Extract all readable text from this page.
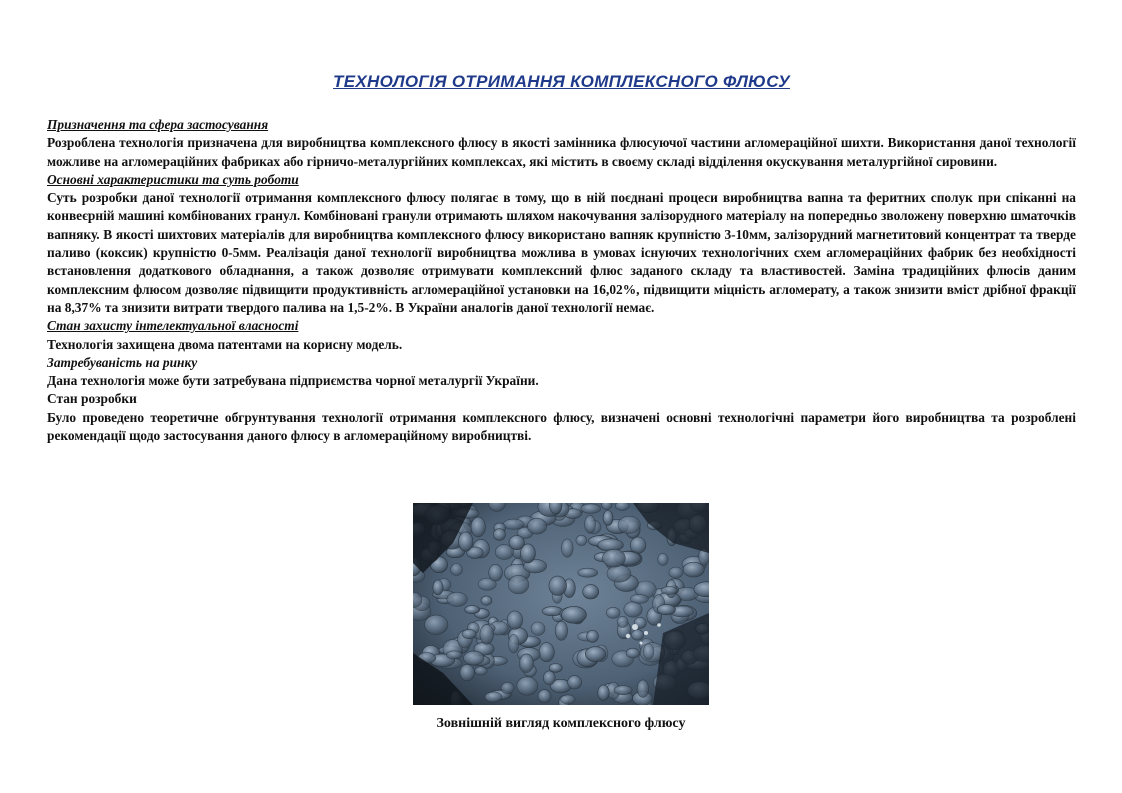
ТЕХНОЛОГІЯ ОТРИМАННЯ КОМПЛЕКСНОГО ФЛЮСУ

Призначення та сфера застосування

Розроблена технологія призначена для виробництва комплексного флюсу в якості замінника флюсуючої частини агломераційної шихти. Використання даної технології можливе на агломераційних фабриках або гірничо-металургійних комплексах, які містить в своєму складі відділення окускування металургійної сировини.

Основні характеристики та суть роботи

Суть розробки даної технології отримання комплексного флюсу полягає в тому, що в ній поєднані процеси виробництва вапна та феритних сполук при спіканні на конвеєрній машині комбінованих гранул. Комбіновані гранули отримають шляхом накочування залізорудного матеріалу на попередньо зволожену поверхню шматочків вапняку. В якості шихтових матеріалів для виробництва комплексного флюсу використано вапняк крупністю 3-10мм, залізорудний магнетитовий концентрат та тверде паливо (коксик) крупністю 0-5мм. Реалізація даної технології виробництва можлива в умовах існуючих технологічних схем агломераційних фабрик без необхідності встановлення додаткового обладнання, а також дозволяє отримувати комплексний флюс заданого складу та властивостей. Заміна традиційних флюсів даним комплексним флюсом дозволяє підвищити продуктивність агломераційної установки на 16,02%, підвищити міцність агломерату, а також знизити вміст дрібної фракції на 8,37% та знизити витрати твердого палива на 1,5-2%. В України аналогів даної технології немає.

Стан захисту інтелектуальної власності

Технологія захищена двома патентами на корисну модель.

Затребуваність на ринку

Дана технологія може бути затребувана підприємства чорної металургії України.

Стан розробки

Було проведено теоретичне обгрунтування технології отримання комплексного флюсу, визначені основні технологічні параметри його виробництва та розроблені рекомендації щодо застосування даного флюсу в агломераційному виробництві.

Зовнішній вигляд комплексного флюсу
